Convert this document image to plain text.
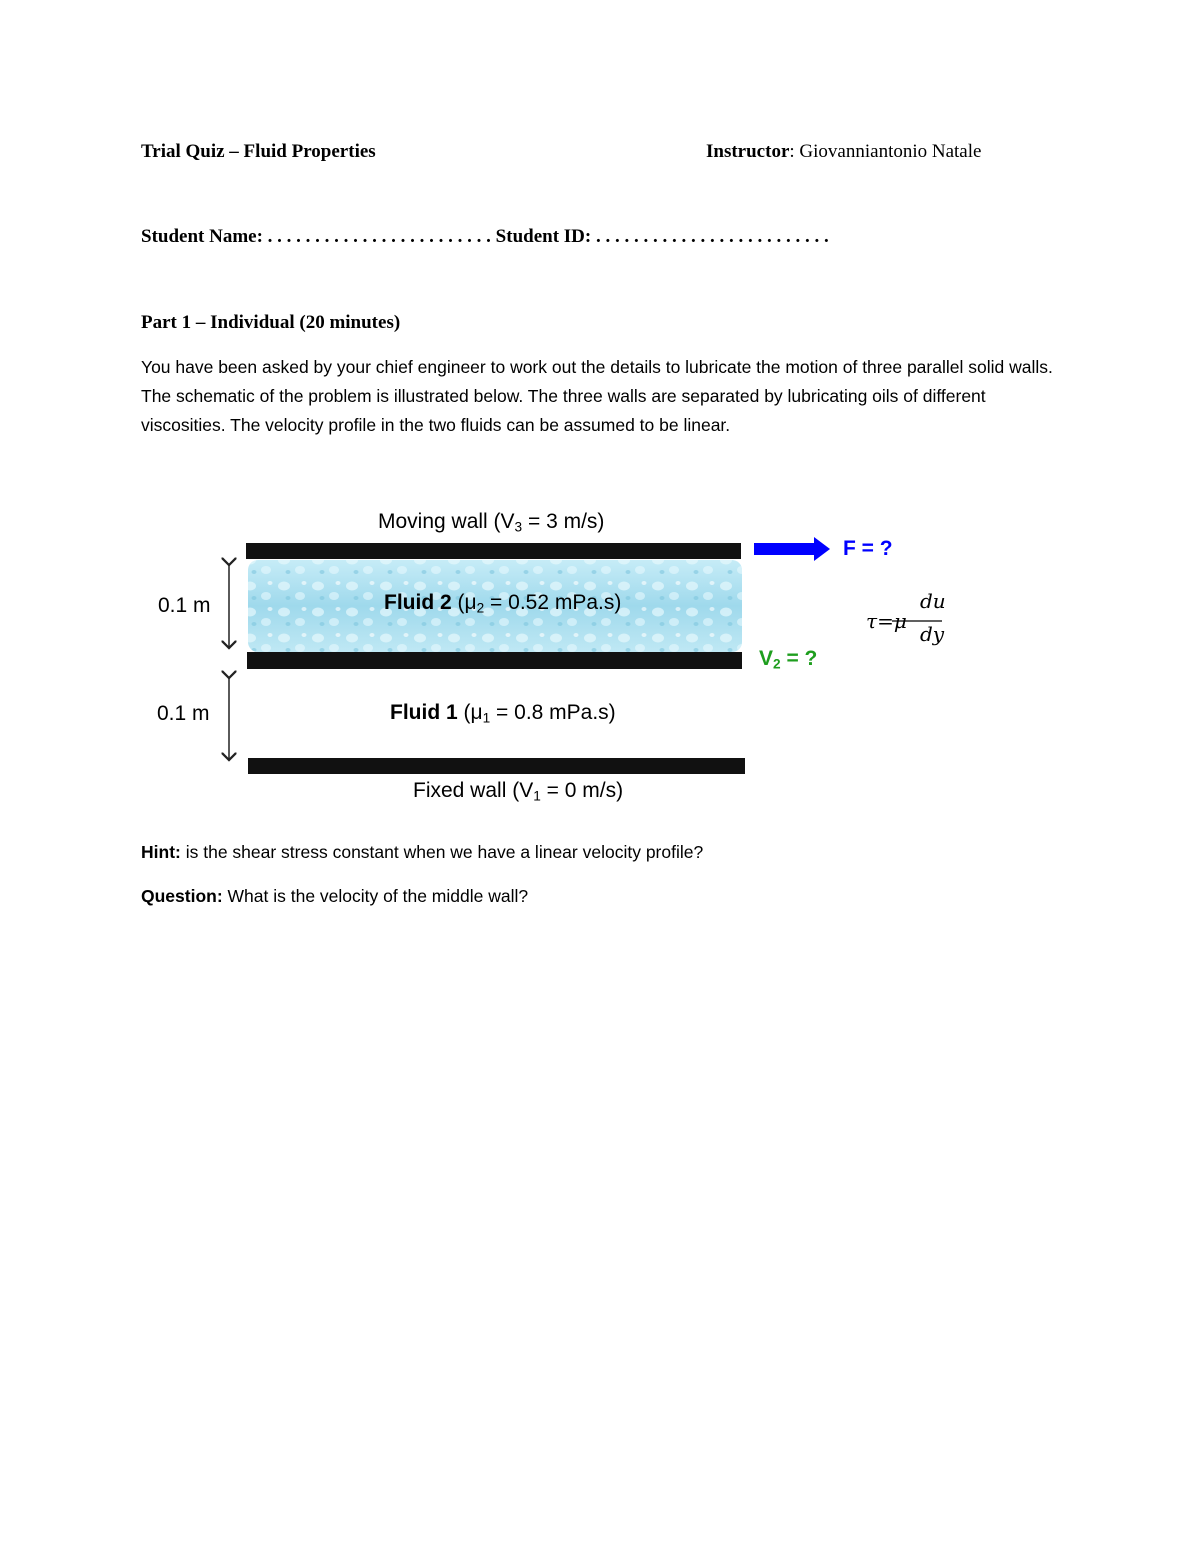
Trial Quiz – Fluid Properties	Instructor: Giovanniantonio Natale
Student Name: . . . . . . . . . . . . . . . . . . . . . . . . Student ID: . . . . . . . . . . . . . . . . . . . . . . . . .
Part 1 – Individual (20 minutes)
You have been asked by your chief engineer to work out the details to lubricate the motion of three parallel solid walls. The schematic of the problem is illustrated below. The three walls are separated by lubricating oils of different viscosities. The velocity profile in the two fluids can be assumed to be linear.
Moving wall ($V_3 = 3$ m/s)
F = ?
Fluid 2 ($\mu_2 = 0.52$ mPa.s)
0.1 m
$V_2$ = ?
0.1 m	Fluid 1 ($\mu_1 = 0.8$ mPa.s)
Fixed wall ($V_1 = 0$ m/s)
τ=μ
du
dy
Hint: is the shear stress constant when we have a linear velocity profile?
Question: What is the velocity of the middle wall?
